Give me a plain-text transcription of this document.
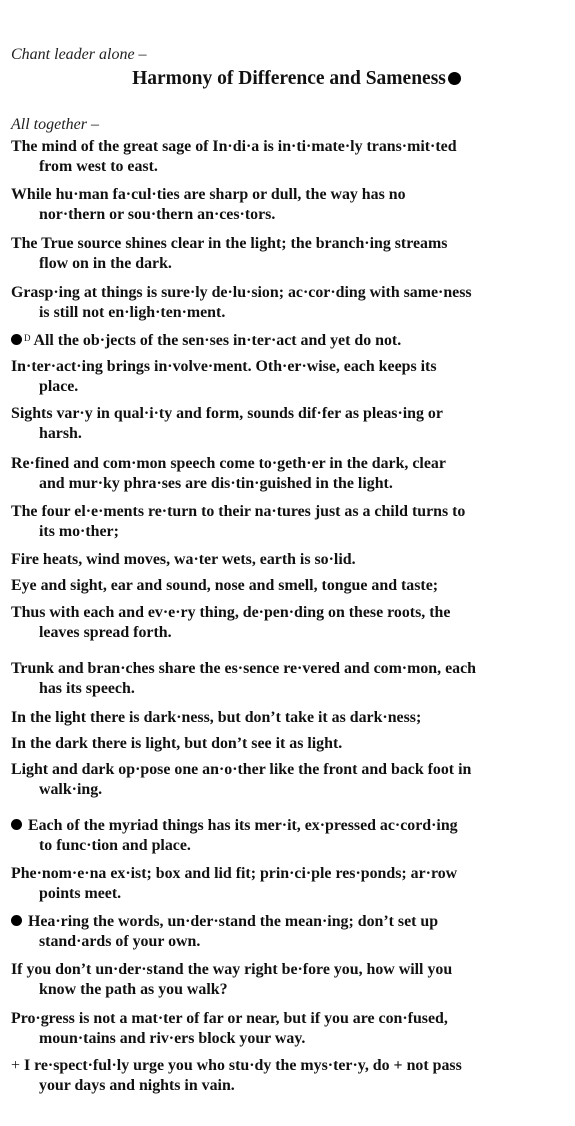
Chant leader alone –

Harmony of Difference and Sameness

All together –

The mind of the great sage of In·di·a is in·ti·mate·ly trans·mit·ted
from west to east.

While hu·man fa·cul·ties are sharp or dull, the way has no
nor·thern or sou·thern an·ces·tors.

The True source shines clear in the light; the branch·ing streams
flow on in the dark.

Grasp·ing at things is sure·ly de·lu·sion; ac·cor·ding with same·ness
is still not en·ligh·ten·ment.

$^D$ All the ob·jects of the sen·ses in·ter·act and yet do not.

In·ter·act·ing brings in·volve·ment. Oth·er·wise, each keeps its
place.

Sights var·y in qual·i·ty and form, sounds dif·fer as pleas·ing or
harsh.

Re·fined and com·mon speech come to·geth·er in the dark, clear
and mur·ky phra·ses are dis·tin·guished in the light.

The four el·e·ments re·turn to their na·tures just as a child turns to
its mo·ther;

Fire heats, wind moves, wa·ter wets, earth is so·lid.

Eye and sight, ear and sound, nose and smell, tongue and taste;

Thus with each and ev·e·ry thing, de·pen·ding on these roots, the
leaves spread forth.

Trunk and bran·ches share the es·sence re·vered and com·mon, each
has its speech.

In the light there is dark·ness, but don’t take it as dark·ness;

In the dark there is light, but don’t see it as light.

Light and dark op·pose one an·o·ther like the front and back foot in
walk·ing.

Each of the myriad things has its mer·it, ex·pressed ac·cord·ing
to func·tion and place.

Phe·nom·e·na ex·ist; box and lid fit; prin·ci·ple res·ponds; ar·row
points meet.

Hea·ring the words, un·der·stand the mean·ing; don’t set up
stand·ards of your own.

If you don’t un·der·stand the way right be·fore you, how will you
know the path as you walk?

Pro·gress is not a mat·ter of far or near, but if you are con·fused,
moun·tains and riv·ers block your way.

+ I re·spect·ful·ly urge you who stu·dy the mys·ter·y, do + not pass
your days and nights in vain.
